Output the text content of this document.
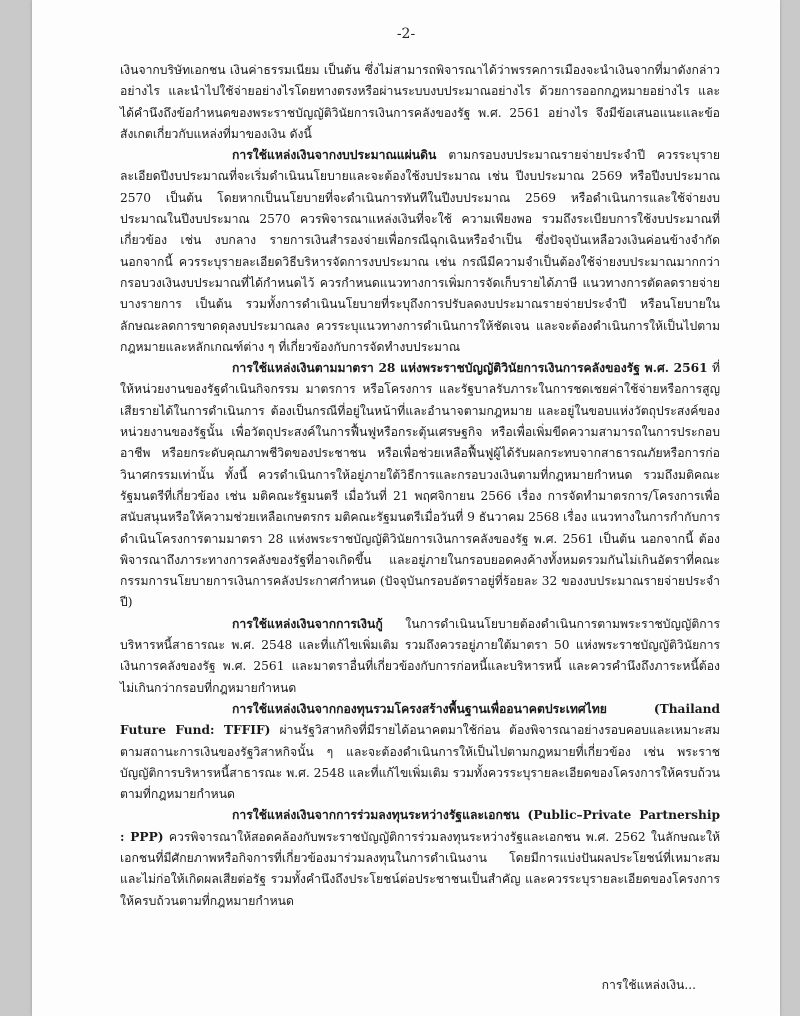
-2-

เงินจากบริษัทเอกชน เงินค่าธรรมเนียม เป็นต้น ซึ่งไม่สามารถพิจารณาได้ว่าพรรคการเมืองจะนำเงินจากที่มาดังกล่าวอย่างไร และนำไปใช้จ่ายอย่างไรโดยทางตรงหรือผ่านระบบงบประมาณอย่างไร ด้วยการออกกฎหมายอย่างไร และได้คำนึงถึงข้อกำหนดของพระราชบัญญัติวินัยการเงินการคลังของรัฐ พ.ศ. 2561 อย่างไร จึงมีข้อเสนอแนะและข้อสังเกตเกี่ยวกับแหล่งที่มาของเงิน ดังนี้

การใช้แหล่งเงินจากงบประมาณแผ่นดิน ตามกรอบงบประมาณรายจ่ายประจำปี ควรระบุรายละเอียดปีงบประมาณที่จะเริ่มดำเนินนโยบายและจะต้องใช้งบประมาณ เช่น ปีงบประมาณ 2569 หรือปีงบประมาณ 2570 เป็นต้น โดยหากเป็นนโยบายที่จะดำเนินการทันทีในปีงบประมาณ 2569 หรือดำเนินการและใช้จ่ายงบประมาณในปีงบประมาณ 2570 ควรพิจารณาแหล่งเงินที่จะใช้ ความเพียงพอ รวมถึงระเบียบการใช้งบประมาณที่เกี่ยวข้อง เช่น งบกลาง รายการเงินสำรองจ่ายเพื่อกรณีฉุกเฉินหรือจำเป็น ซึ่งปัจจุบันเหลือวงเงินค่อนข้างจำกัด นอกจากนี้ ควรระบุรายละเอียดวิธีบริหารจัดการงบประมาณ เช่น กรณีมีความจำเป็นต้องใช้จ่ายงบประมาณมากกว่ากรอบวงเงินงบประมาณที่ได้กำหนดไว้ ควรกำหนดแนวทางการเพิ่มการจัดเก็บรายได้ภาษี แนวทางการตัดลดรายจ่ายบางรายการ เป็นต้น รวมทั้งการดำเนินนโยบายที่ระบุถึงการปรับลดงบประมาณรายจ่ายประจำปี หรือนโยบายในลักษณะลดการขาดดุลงบประมาณลง ควรระบุแนวทางการดำเนินการให้ชัดเจน และจะต้องดำเนินการให้เป็นไปตามกฎหมายและหลักเกณฑ์ต่าง ๆ ที่เกี่ยวข้องกับการจัดทำงบประมาณ

การใช้แหล่งเงินตามมาตรา 28 แห่งพระราชบัญญัติวินัยการเงินการคลังของรัฐ พ.ศ. 2561 ที่ให้หน่วยงานของรัฐดำเนินกิจกรรม มาตรการ หรือโครงการ และรัฐบาลรับภาระในการชดเชยค่าใช้จ่ายหรือการสูญเสียรายได้ในการดำเนินการ ต้องเป็นกรณีที่อยู่ในหน้าที่และอำนาจตามกฎหมาย และอยู่ในขอบแห่งวัตถุประสงค์ของหน่วยงานของรัฐนั้น เพื่อวัตถุประสงค์ในการฟื้นฟูหรือกระตุ้นเศรษฐกิจ หรือเพื่อเพิ่มขีดความสามารถในการประกอบอาชีพ หรือยกระดับคุณภาพชีวิตของประชาชน หรือเพื่อช่วยเหลือฟื้นฟูผู้ได้รับผลกระทบจากสาธารณภัยหรือการก่อวินาศกรรมเท่านั้น ทั้งนี้ ควรดำเนินการให้อยู่ภายใต้วิธีการและกรอบวงเงินตามที่กฎหมายกำหนด รวมถึงมติคณะรัฐมนตรีที่เกี่ยวข้อง เช่น มติคณะรัฐมนตรี เมื่อวันที่ 21 พฤศจิกายน 2566 เรื่อง การจัดทำมาตรการ/โครงการเพื่อสนับสนุนหรือให้ความช่วยเหลือเกษตรกร มติคณะรัฐมนตรีเมื่อวันที่ 9 ธันวาคม 2568 เรื่อง แนวทางในการกำกับการดำเนินโครงการตามมาตรา 28 แห่งพระราชบัญญัติวินัยการเงินการคลังของรัฐ พ.ศ. 2561 เป็นต้น นอกจากนี้ ต้องพิจารณาถึงภาระทางการคลังของรัฐที่อาจเกิดขึ้น และอยู่ภายในกรอบยอดคงค้างทั้งหมดรวมกันไม่เกินอัตราที่คณะกรรมการนโยบายการเงินการคลังประกาศกำหนด (ปัจจุบันกรอบอัตราอยู่ที่ร้อยละ 32 ของงบประมาณรายจ่ายประจำปี)

การใช้แหล่งเงินจากการเงินกู้ ในการดำเนินนโยบายต้องดำเนินการตามพระราชบัญญัติการบริหารหนี้สาธารณะ พ.ศ. 2548 และที่แก้ไขเพิ่มเติม รวมถึงควรอยู่ภายใต้มาตรา 50 แห่งพระราชบัญญัติวินัยการเงินการคลังของรัฐ พ.ศ. 2561 และมาตราอื่นที่เกี่ยวข้องกับการก่อหนี้และบริหารหนี้ และควรคำนึงถึงภาระหนี้ต้องไม่เกินกว่ากรอบที่กฎหมายกำหนด

การใช้แหล่งเงินจากกองทุนรวมโครงสร้างพื้นฐานเพื่ออนาคตประเทศไทย (Thailand Future Fund: TFFIF) ผ่านรัฐวิสาหกิจที่มีรายได้อนาคตมาใช้ก่อน ต้องพิจารณาอย่างรอบคอบและเหมาะสมตามสถานะการเงินของรัฐวิสาหกิจนั้น ๆ และจะต้องดำเนินการให้เป็นไปตามกฎหมายที่เกี่ยวข้อง เช่น พระราชบัญญัติการบริหารหนี้สาธารณะ พ.ศ. 2548 และที่แก้ไขเพิ่มเติม รวมทั้งควรระบุรายละเอียดของโครงการให้ครบถ้วนตามที่กฎหมายกำหนด

การใช้แหล่งเงินจากการร่วมลงทุนระหว่างรัฐและเอกชน (Public–Private Partnership : PPP) ควรพิจารณาให้สอดคล้องกับพระราชบัญญัติการร่วมลงทุนระหว่างรัฐและเอกชน พ.ศ. 2562 ในลักษณะให้เอกชนที่มีศักยภาพหรือกิจการที่เกี่ยวข้องมาร่วมลงทุนในการดำเนินงาน โดยมีการแบ่งปันผลประโยชน์ที่เหมาะสม และไม่ก่อให้เกิดผลเสียต่อรัฐ รวมทั้งคำนึงถึงประโยชน์ต่อประชาชนเป็นสำคัญ และควรระบุรายละเอียดของโครงการให้ครบถ้วนตามที่กฎหมายกำหนด

การใช้แหล่งเงิน...
